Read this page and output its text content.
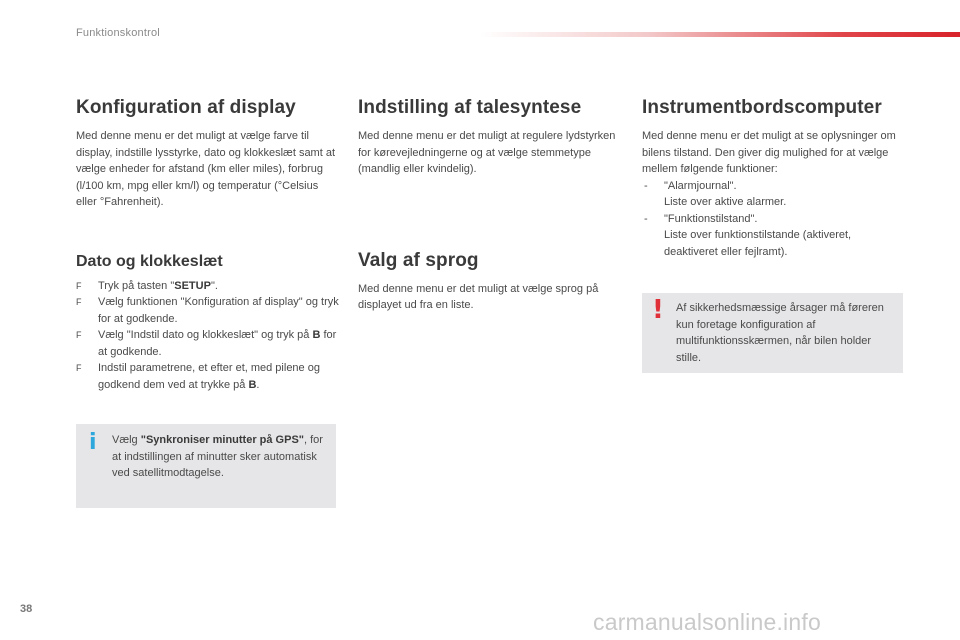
Funktionskontrol
Konfiguration af display

Med denne menu er det muligt at vælge farve til display, indstille lysstyrke, dato og klokkeslæt samt at vælge enheder for afstand (km eller miles), forbrug (l/100 km, mpg eller km/l) og temperatur (°Celsius eller °Fahrenheit).

Dato og klokkeslæt
F Tryk på tasten "SETUP".
F Vælg funktionen "Konfiguration af display" og tryk for at godkende.
F Vælg "Indstil dato og klokkeslæt" og tryk på B for at godkende.
F Indstil parametrene, et efter et, med pilene og godkend dem ved at trykke på B.
i Vælg "Synkroniser minutter på GPS", for at indstillingen af minutter sker automatisk ved satellitmodtagelse.
Indstilling af talesyntese

Med denne menu er det muligt at regulere lydstyrken for kørevejledningerne og at vælge stemmetype (mandlig eller kvindelig).

Valg af sprog

Med denne menu er det muligt at vælge sprog på displayet ud fra en liste.

Instrumentbordscomputer

Med denne menu er det muligt at se oplysninger om bilens tilstand. Den giver dig mulighed for at vælge mellem følgende funktioner:

- "Alarmjournal".
Liste over aktive alarmer.
- "Funktionstilstand".
Liste over funktionstilstande (aktiveret, deaktiveret eller fejlramt).
! Af sikkerhedsmæssige årsager må føreren kun foretage konfiguration af multifunktionsskærmen, når bilen holder stille.
38	carmanualsonline.info
